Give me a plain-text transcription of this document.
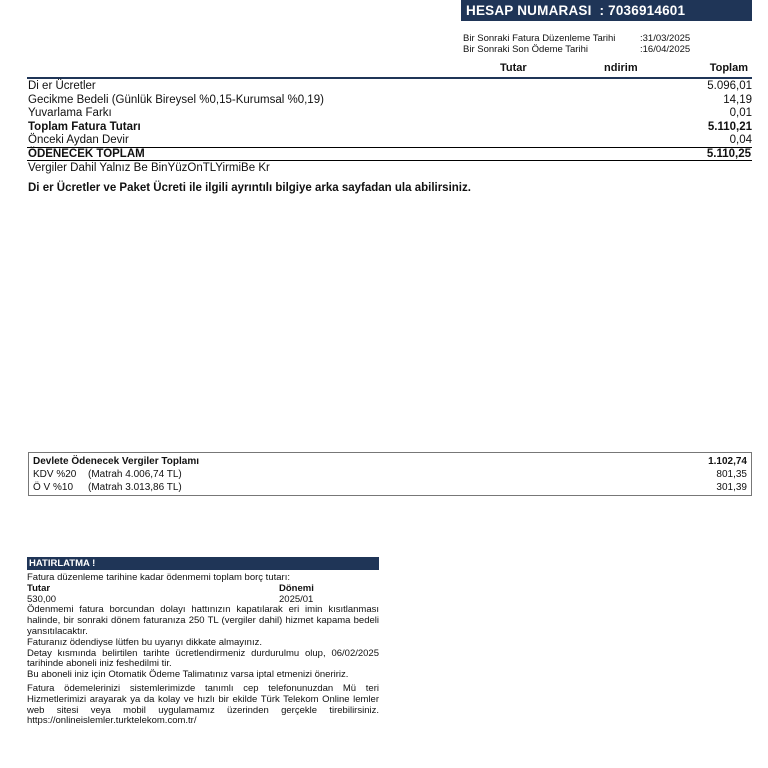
HESAP NUMARASI  : 7036914601
Bir Sonraki Fatura Düzenleme Tarihi	:31/03/2025
Bir Sonraki Son Ödeme Tarihi	:16/04/2025
Tutar	ndirim	Toplam
Di er Ücretler	5.096,01
Gecikme Bedeli (Günlük Bireysel %0,15-Kurumsal %0,19)	14,19
Yuvarlama Farkı	0,01
Toplam Fatura Tutarı	5.110,21
Önceki Aydan Devir	0,04
ÖDENECEK TOPLAM	5.110,25
Vergiler Dahil Yalnız Be BinYüzOnTLYirmiBe Kr
Di er Ücretler ve Paket Ücreti ile ilgili ayrıntılı bilgiye arka sayfadan ula abilirsiniz.
Devlete Ödenecek Vergiler Toplamı	1.102,74
KDV %20	(Matrah 4.006,74 TL)	801,35
Ö V %10	(Matrah 3.013,86 TL)	301,39
HATIRLATMA !
Fatura düzenleme tarihine kadar ödenmemi toplam borç tutarı:
Tutar	Dönemi
530,00	2025/01
Ödenmemi fatura borcundan dolayı hattınızın kapatılarak eri imin kısıtlanması halinde, bir sonraki dönem faturanıza 250 TL (vergiler dahil) hizmet kapama bedeli yansıtılacaktır.
Faturanız ödendiyse lütfen bu uyarıyı dikkate almayınız.
Detay kısmında belirtilen tarihte ücretlendirmeniz durdurulmu olup, 06/02/2025 tarihinde aboneli iniz feshedilmi tir.
Bu aboneli iniz için Otomatik Ödeme Talimatınız varsa iptal etmenizi öneririz.
Fatura ödemelerinizi sistemlerimizde tanımlı cep telefonunuzdan Mü teri Hizmetlerimizi arayarak ya da kolay ve hızlı bir ekilde Türk Telekom Online lemler web sitesi veya mobil uygulamamız üzerinden gerçekle tirebilirsiniz. https://onlineislemler.turktelekom.com.tr/
